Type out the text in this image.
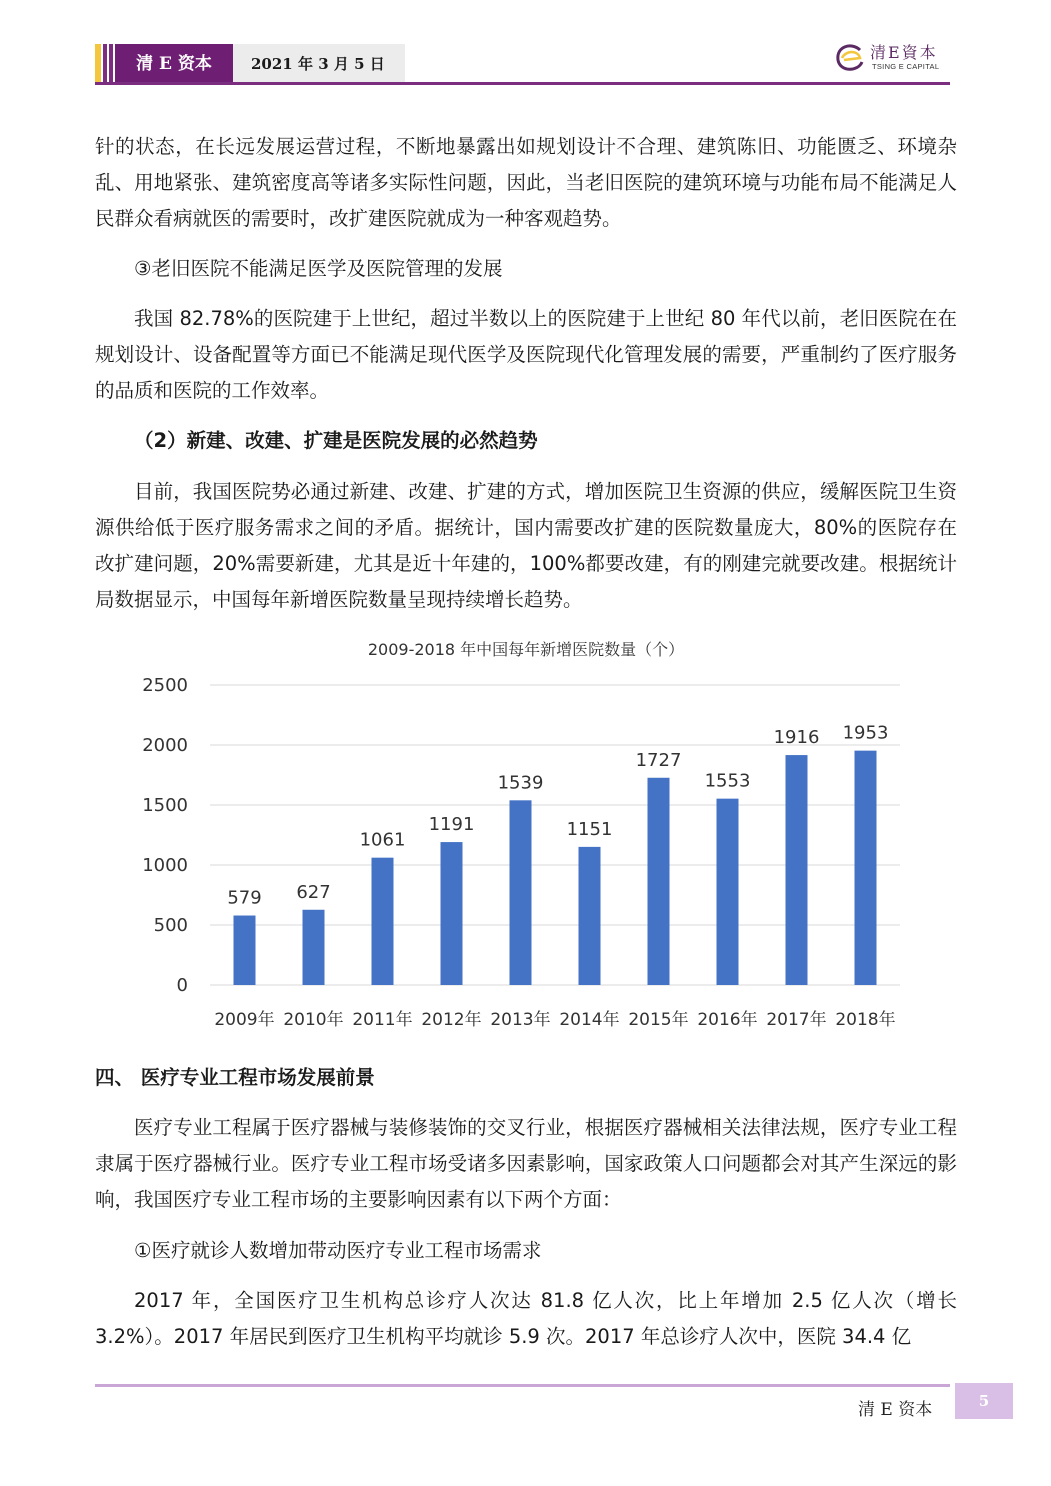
清 E 资本	2021 年 3 月 5 日
清E資本
TSING E CAPITAL

针的状态，在长远发展运营过程，不断地暴露出如规划设计不合理、建筑陈旧、功能匮乏、环境杂乱、用地紧张、建筑密度高等诸多实际性问题，因此，当老旧医院的建筑环境与功能布局不能满足人民群众看病就医的需要时，改扩建医院就成为一种客观趋势。

③老旧医院不能满足医学及医院管理的发展

我国 82.78%的医院建于上世纪，超过半数以上的医院建于上世纪 80 年代以前，老旧医院在在规划设计、设备配置等方面已不能满足现代医学及医院现代化管理发展的需要，严重制约了医疗服务的品质和医院的工作效率。

（2）新建、改建、扩建是医院发展的必然趋势

目前，我国医院势必通过新建、改建、扩建的方式，增加医院卫生资源的供应，缓解医院卫生资源供给低于医疗服务需求之间的矛盾。据统计，国内需要改扩建的医院数量庞大，80%的医院存在改扩建问题，20%需要新建，尤其是近十年建的，100%都要改建，有的刚建完就要改建。根据统计局数据显示，中国每年新增医院数量呈现持续增长趋势。

2009-2018 年中国每年新增医院数量（个）
0
500
1000
1500
2000
2500
579
2009年
627
2010年
1061
2011年
1191
2012年
1539
2013年
1151
2014年
1727
2015年
1553
2016年
1916
2017年
1953
2018年

四、 医疗专业工程市场发展前景

医疗专业工程属于医疗器械与装修装饰的交叉行业，根据医疗器械相关法律法规，医疗专业工程隶属于医疗器械行业。医疗专业工程市场受诸多因素影响，国家政策人口问题都会对其产生深远的影响，我国医疗专业工程市场的主要影响因素有以下两个方面：

①医疗就诊人数增加带动医疗专业工程市场需求

2017 年，全国医疗卫生机构总诊疗人次达 81.8 亿人次，比上年增加 2.5 亿人次（增长 3.2%）。2017 年居民到医疗卫生机构平均就诊 5.9 次。2017 年总诊疗人次中，医院 34.4 亿

清 E 资本	5
